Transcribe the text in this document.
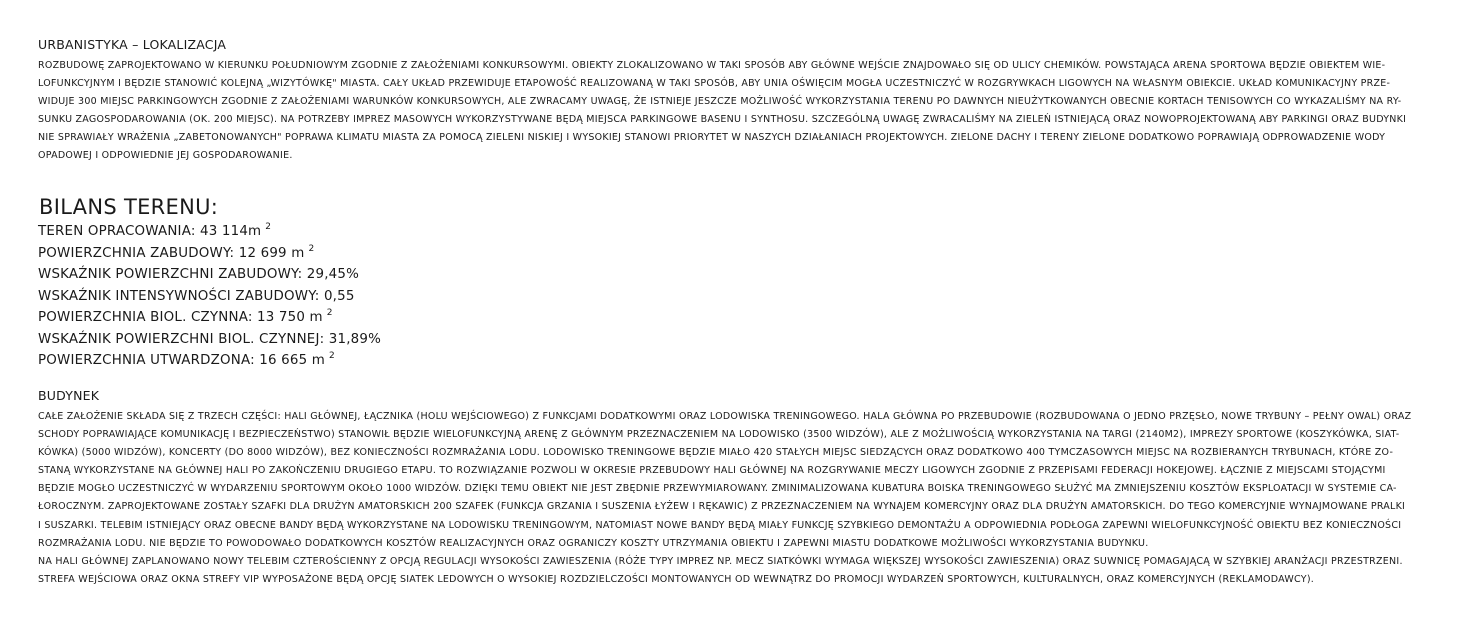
URBANISTYKA – LOKALIZACJA
ROZBUDOWĘ ZAPROJEKTOWANO W KIERUNKU POŁUDNIOWYM ZGODNIE Z ZAŁOŻENIAMI KONKURSOWYMI. OBIEKTY ZLOKALIZOWANO W TAKI SPOSÓB ABY GŁÓWNE WEJŚCIE ZNAJDOWAŁO SIĘ OD ULICY CHEMIKÓW. POWSTAJĄCA ARENA SPORTOWA BĘDZIE OBIEKTEM WIE-
LOFUNKCYJNYM I BĘDZIE STANOWIĆ KOLEJNĄ „WIZYTÓWKĘ" MIASTA. CAŁY UKŁAD PRZEWIDUJE ETAPOWOŚĆ REALIZOWANĄ W TAKI SPOSÓB, ABY UNIA OŚWIĘCIM MOGŁA UCZESTNICZYĆ W ROZGRYWKACH LIGOWYCH NA WŁASNYM OBIEKCIE. UKŁAD KOMUNIKACYJNY PRZE-
WIDUJE 300 MIEJSC PARKINGOWYCH ZGODNIE Z ZAŁOŻENIAMI WARUNKÓW KONKURSOWYCH, ALE ZWRACAMY UWAGĘ, ŻE ISTNIEJE JESZCZE MOŻLIWOŚĆ WYKORZYSTANIA TERENU PO DAWNYCH NIEUŻYTKOWANYCH OBECNIE KORTACH TENISOWYCH CO WYKAZALIŚMY NA RY-
SUNKU ZAGOSPODAROWANIA (OK. 200 MIEJSC). NA POTRZEBY IMPREZ MASOWYCH WYKORZYSTYWANE BĘDĄ MIEJSCA PARKINGOWE BASENU I SYNTHOSU. SZCZEGÓLNĄ UWAGĘ ZWRACALIŚMY NA ZIELEŃ ISTNIEJĄCĄ ORAZ NOWOPROJEKTOWANĄ ABY PARKINGI ORAZ BUDYNKI
NIE SPRAWIAŁY WRAŻENIA „ZABETONOWANYCH" POPRAWA KLIMATU MIASTA ZA POMOCĄ ZIELENI NISKIEJ I WYSOKIEJ STANOWI PRIORYTET W NASZYCH DZIAŁANIACH PROJEKTOWYCH. ZIELONE DACHY I TERENY ZIELONE DODATKOWO POPRAWIAJĄ ODPROWADZENIE WODY
OPADOWEJ I ODPOWIEDNIE JEJ GOSPODAROWANIE.
BILANS TERENU:
TEREN OPRACOWANIA: 43 114m $^2$
POWIERZCHNIA ZABUDOWY: 12 699 m $^2$
WSKAŹNIK POWIERZCHNI ZABUDOWY: 29,45%
WSKAŹNIK INTENSYWNOŚCI ZABUDOWY: 0,55
POWIERZCHNIA BIOL. CZYNNA: 13 750 m $^2$
WSKAŹNIK POWIERZCHNI BIOL. CZYNNEJ: 31,89%
POWIERZCHNIA UTWARDZONA: 16 665 m $^2$
BUDYNEK
CAŁE ZAŁOŻENIE SKŁADA SIĘ Z TRZECH CZĘŚCI: HALI GŁÓWNEJ, ŁĄCZNIKA (HOLU WEJŚCIOWEGO) Z FUNKCJAMI DODATKOWYMI ORAZ LODOWISKA TRENINGOWEGO. HALA GŁÓWNA PO PRZEBUDOWIE (ROZBUDOWANA O JEDNO PRZĘSŁO, NOWE TRYBUNY – PEŁNY OWAL) ORAZ
SCHODY POPRAWIAJĄCE KOMUNIKACJĘ I BEZPIECZEŃSTWO) STANOWIŁ BĘDZIE WIELOFUNKCYJNĄ ARENĘ Z GŁÓWNYM PRZEZNACZENIEM NA LODOWISKO (3500 WIDZÓW), ALE Z MOŻLIWOŚCIĄ WYKORZYSTANIA NA TARGI (2140M2), IMPREZY SPORTOWE (KOSZYKÓWKA, SIAT-
KÓWKA) (5000 WIDZÓW), KONCERTY (DO 8000 WIDZÓW), BEZ KONIECZNOŚCI ROZMRAŻANIA LODU. LODOWISKO TRENINGOWE BĘDZIE MIAŁO 420 STAŁYCH MIEJSC SIEDZĄCYCH ORAZ DODATKOWO 400 TYMCZASOWYCH MIEJSC NA ROZBIERANYCH TRYBUNACH, KTÓRE ZO-
STANĄ WYKORZYSTANE NA GŁÓWNEJ HALI PO ZAKOŃCZENIU DRUGIEGO ETAPU. TO ROZWIĄZANIE POZWOLI W OKRESIE PRZEBUDOWY HALI GŁÓWNEJ NA ROZGRYWANIE MECZY LIGOWYCH ZGODNIE Z PRZEPISAMI FEDERACJI HOKEJOWEJ. ŁĄCZNIE Z MIEJSCAMI STOJĄCYMI
BĘDZIE MOGŁO UCZESTNICZYĆ W WYDARZENIU SPORTOWYM OKOŁO 1000 WIDZÓW. DZIĘKI TEMU OBIEKT NIE JEST ZBĘDNIE PRZEWYMIAROWANY. ZMINIMALIZOWANA KUBATURA BOISKA TRENINGOWEGO SŁUŻYĆ MA ZMNIEJSZENIU KOSZTÓW EKSPLOATACJI W SYSTEMIE CA-
ŁOROCZNYM. ZAPROJEKTOWANE ZOSTAŁY SZAFKI DLA DRUŻYN AMATORSKICH 200 SZAFEK (FUNKCJA GRZANIA I SUSZENIA ŁYŻEW I RĘKAWIC) Z PRZEZNACZENIEM NA WYNAJEM KOMERCYJNY ORAZ DLA DRUŻYN AMATORSKICH. DO TEGO KOMERCYJNIE WYNAJMOWANE PRALKI
I SUSZARKI. TELEBIM ISTNIEJĄCY ORAZ OBECNE BANDY BĘDĄ WYKORZYSTANE NA LODOWISKU TRENINGOWYM, NATOMIAST NOWE BANDY BĘDĄ MIAŁY FUNKCJĘ SZYBKIEGO DEMONTAŻU A ODPOWIEDNIA PODŁOGA ZAPEWNI WIELOFUNKCYJNOŚĆ OBIEKTU BEZ KONIECZNOŚCI
ROZMRAŻANIA LODU. NIE BĘDZIE TO POWODOWAŁO DODATKOWYCH KOSZTÓW REALIZACYJNYCH ORAZ OGRANICZY KOSZTY UTRZYMANIA OBIEKTU I ZAPEWNI MIASTU DODATKOWE MOŻLIWOŚCI WYKORZYSTANIA BUDYNKU.
NA HALI GŁÓWNEJ ZAPLANOWANO NOWY TELEBIM CZTEROŚCIENNY Z OPCJĄ REGULACJI WYSOKOŚCI ZAWIESZENIA (RÓŻE TYPY IMPREZ NP. MECZ SIATKÓWKI WYMAGA WIĘKSZEJ WYSOKOŚCI ZAWIESZENIA) ORAZ SUWNICĘ POMAGAJĄCĄ W SZYBKIEJ ARANŻACJI PRZESTRZENI.
STREFA WEJŚCIOWA ORAZ OKNA STREFY VIP WYPOSAŻONE BĘDĄ OPCJĘ SIATEK LEDOWYCH O WYSOKIEJ ROZDZIELCZOŚCI MONTOWANYCH OD WEWNĄTRZ DO PROMOCJI WYDARZEŃ SPORTOWYCH, KULTURALNYCH, ORAZ KOMERCYJNYCH (REKLAMODAWCY).
